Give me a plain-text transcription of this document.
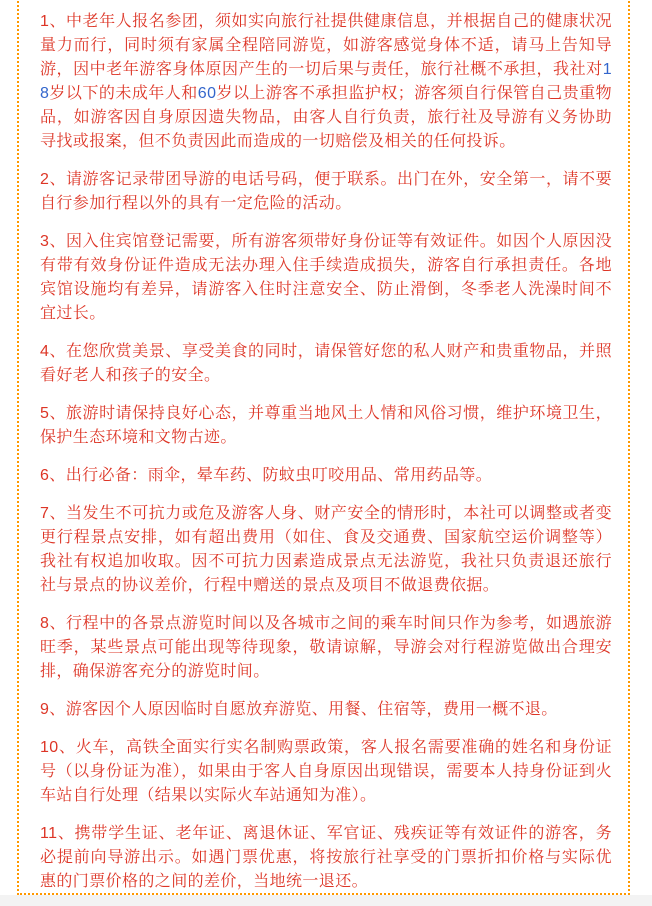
1、中老年人报名参团，须如实向旅行社提供健康信息，并根据自己的健康状况量力而行，同时须有家属全程陪同游览，如游客感觉身体不适，请马上告知导游，因中老年游客身体原因产生的一切后果与责任，旅行社概不承担，我社对18岁以下的未成年人和60岁以上游客不承担监护权；游客须自行保管自己贵重物品，如游客因自身原因遗失物品，由客人自行负责，旅行社及导游有义务协助寻找或报案，但不负责因此而造成的一切赔偿及相关的任何投诉。

2、请游客记录带团导游的电话号码，便于联系。出门在外，安全第一，请不要自行参加行程以外的具有一定危险的活动。

3、因入住宾馆登记需要，所有游客须带好身份证等有效证件。如因个人原因没有带有效身份证件造成无法办理入住手续造成损失，游客自行承担责任。各地宾馆设施均有差异，请游客入住时注意安全、防止滑倒，冬季老人洗澡时间不宜过长。

4、在您欣赏美景、享受美食的同时，请保管好您的私人财产和贵重物品，并照看好老人和孩子的安全。

5、旅游时请保持良好心态，并尊重当地风土人情和风俗习惯，维护环境卫生，保护生态环境和文物古迹。

6、出行必备：雨伞，晕车药、防蚊虫叮咬用品、常用药品等。

7、当发生不可抗力或危及游客人身、财产安全的情形时，本社可以调整或者变更行程景点安排，如有超出费用（如住、食及交通费、国家航空运价调整等）我社有权追加收取。因不可抗力因素造成景点无法游览，我社只负责退还旅行社与景点的协议差价，行程中赠送的景点及项目不做退费依据。

8、行程中的各景点游览时间以及各城市之间的乘车时间只作为参考，如遇旅游旺季，某些景点可能出现等待现象，敬请谅解，导游会对行程游览做出合理安排，确保游客充分的游览时间。

9、游客因个人原因临时自愿放弃游览、用餐、住宿等，费用一概不退。

10、火车，高铁全面实行实名制购票政策，客人报名需要准确的姓名和身份证号（以身份证为准），如果由于客人自身原因出现错误，需要本人持身份证到火车站自行处理（结果以实际火车站通知为准）。

11、携带学生证、老年证、离退休证、军官证、残疾证等有效证件的游客，务必提前向导游出示。如遇门票优惠，将按旅行社享受的门票折扣价格与实际优惠的门票价格的之间的差价，当地统一退还。
